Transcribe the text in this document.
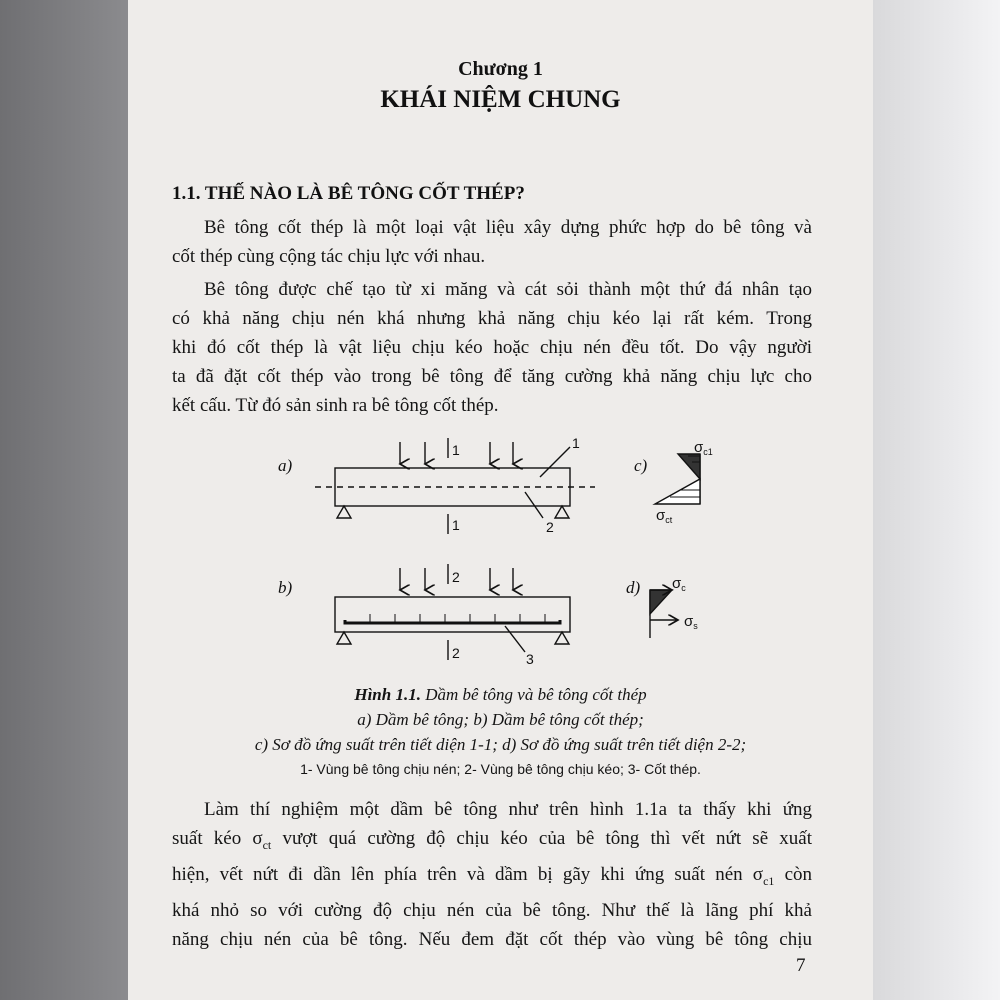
Chương 1
KHÁI NIỆM CHUNG
1.1. THẾ NÀO LÀ BÊ TÔNG CỐT THÉP?

Bê tông cốt thép là một loại vật liệu xây dựng phức hợp do bê tông và

cốt thép cùng cộng tác chịu lực với nhau.

Bê tông được chế tạo từ xi măng và cát sỏi thành một thứ đá nhân tạo

có khả năng chịu nén khá nhưng khả năng chịu kéo lại rất kém. Trong

khi đó cốt thép là vật liệu chịu kéo hoặc chịu nén đều tốt. Do vậy người

ta đã đặt cốt thép vào trong bê tông để tăng cường khả năng chịu lực cho

kết cấu. Từ đó sản sinh ra bê tông cốt thép.

a)
b)
c)
d)
1
1
2
2
1
2
3
$\sigma_{c1}$
$\sigma_{ct}$
$\sigma_c$
$\sigma_s$
Hình 1.1. Dầm bê tông và bê tông cốt thép
a) Dầm bê tông; b) Dầm bê tông cốt thép;
c) Sơ đồ ứng suất trên tiết diện 1-1; d) Sơ đồ ứng suất trên tiết diện 2-2;
1- Vùng bê tông chịu nén; 2- Vùng bê tông chịu kéo; 3- Cốt thép.

Làm thí nghiệm một dầm bê tông như trên hình 1.1a ta thấy khi ứng

suất kéo $\sigma_{ct}$ vượt quá cường độ chịu kéo của bê tông thì vết nứt sẽ xuất

hiện, vết nứt đi dần lên phía trên và dầm bị gãy khi ứng suất nén $\sigma_{c1}$ còn

khá nhỏ so với cường độ chịu nén của bê tông. Như thế là lãng phí khả

năng chịu nén của bê tông. Nếu đem đặt cốt thép vào vùng bê tông chịu

7
